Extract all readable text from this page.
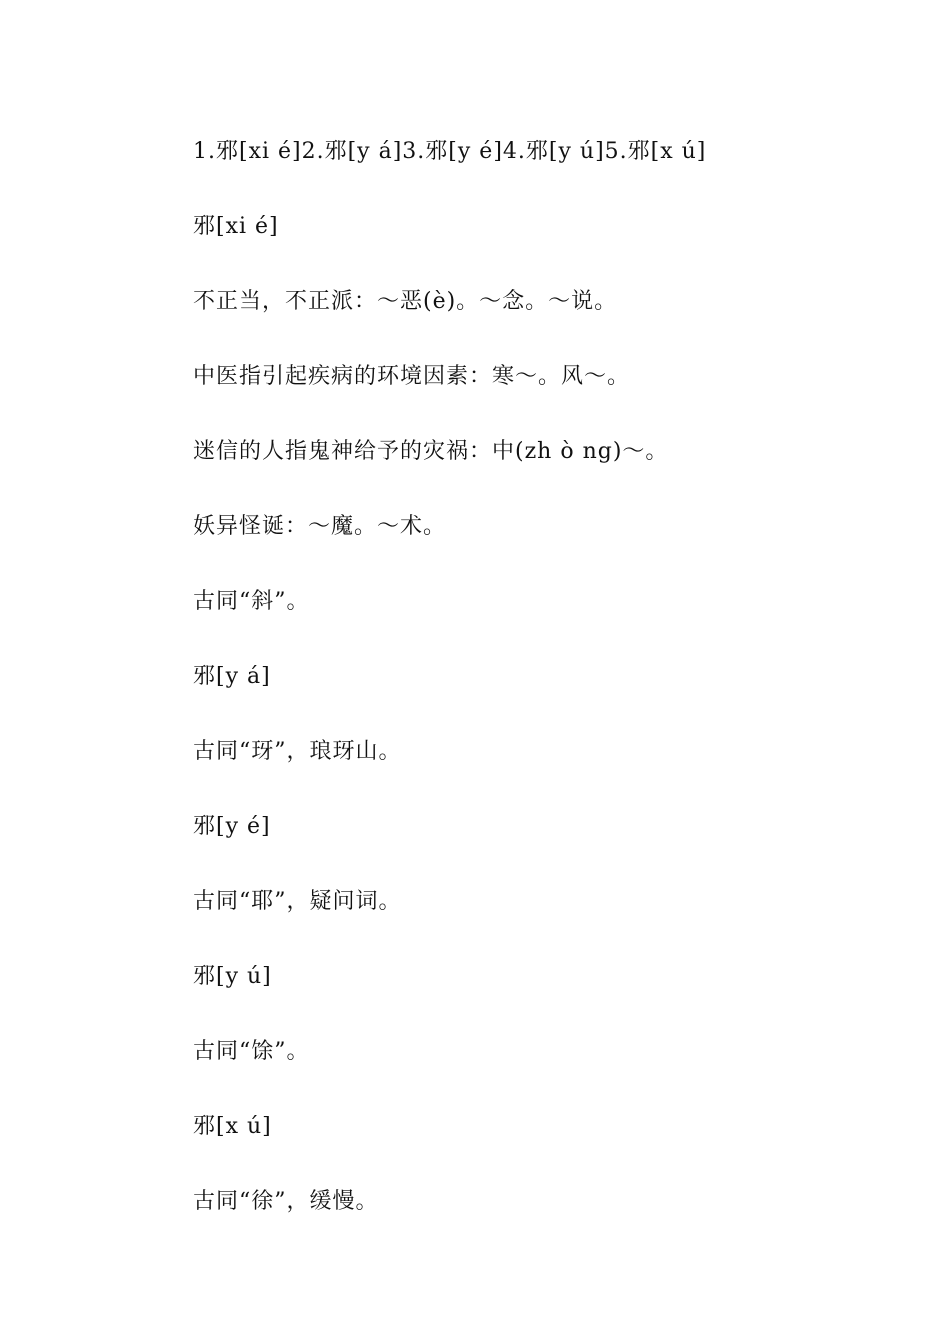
1.邪[xi é]2.邪[y á]3.邪[y é]4.邪[y ú]5.邪[x ú]

邪[xi é]

不正当，不正派：～恶(è)。～念。～说。

中医指引起疾病的环境因素：寒～。风～。

迷信的人指鬼神给予的灾祸：中(zh ò ng)～。

妖异怪诞：～魔。～术。

古同“斜”。

邪[y á]

古同“玡”，琅玡山。

邪[y é]

古同“耶”，疑问词。

邪[y ú]

古同“馀”。

邪[x ú]

古同“徐”，缓慢。
